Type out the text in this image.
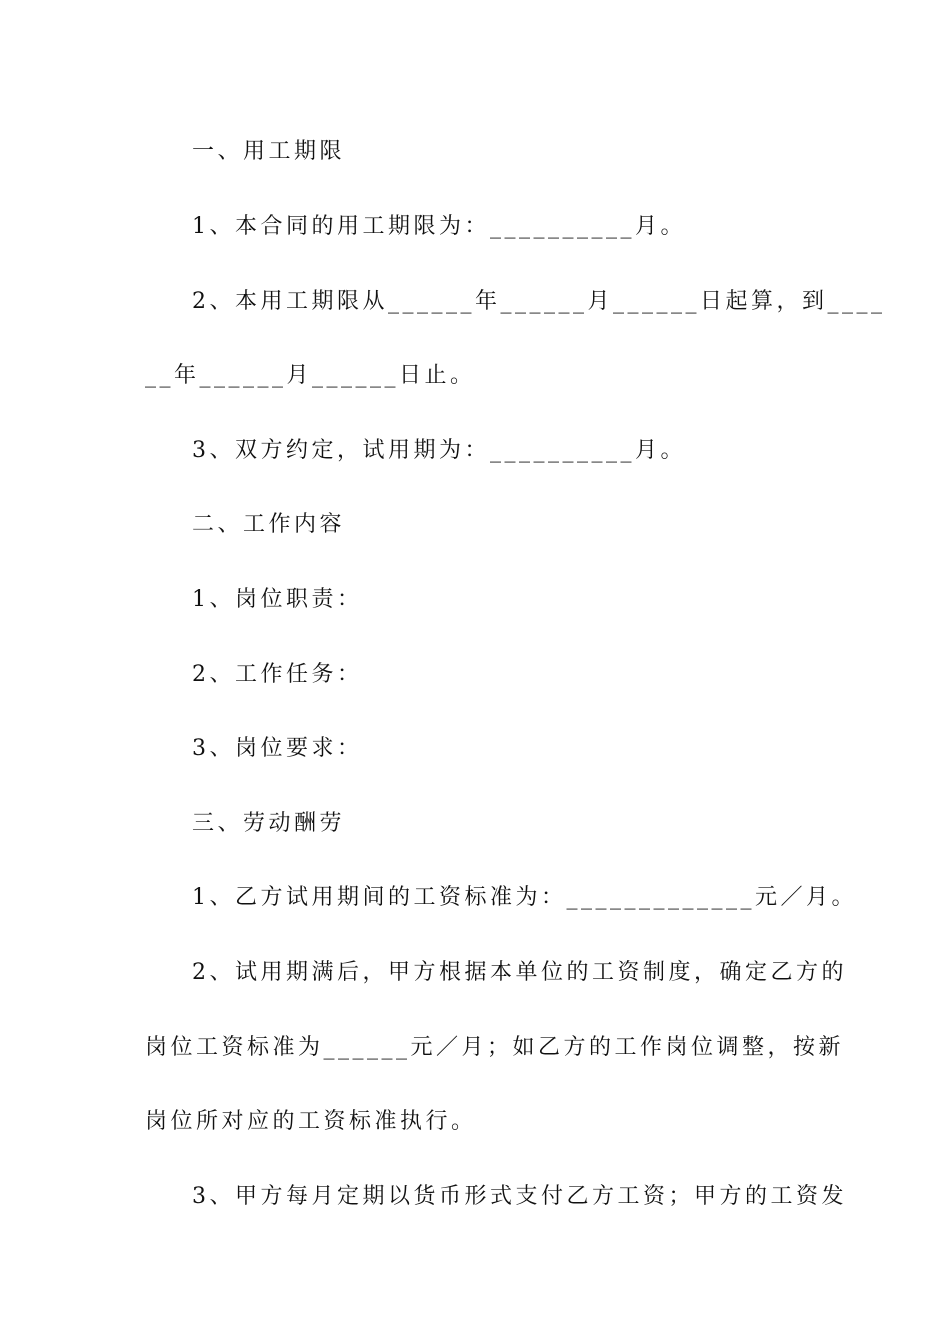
一、用工期限
1、本合同的用工期限为：__________月。
2、本用工期限从______年______月______日起算，到____
__年______月______日止。
3、双方约定，试用期为：__________月。
二、工作内容
1、岗位职责：
2、工作任务：
3、岗位要求：
三、劳动酬劳
1、乙方试用期间的工资标准为：_____________元／月。
2、试用期满后，甲方根据本单位的工资制度，确定乙方的
岗位工资标准为______元／月；如乙方的工作岗位调整，按新
岗位所对应的工资标准执行。
3、甲方每月定期以货币形式支付乙方工资；甲方的工资发
